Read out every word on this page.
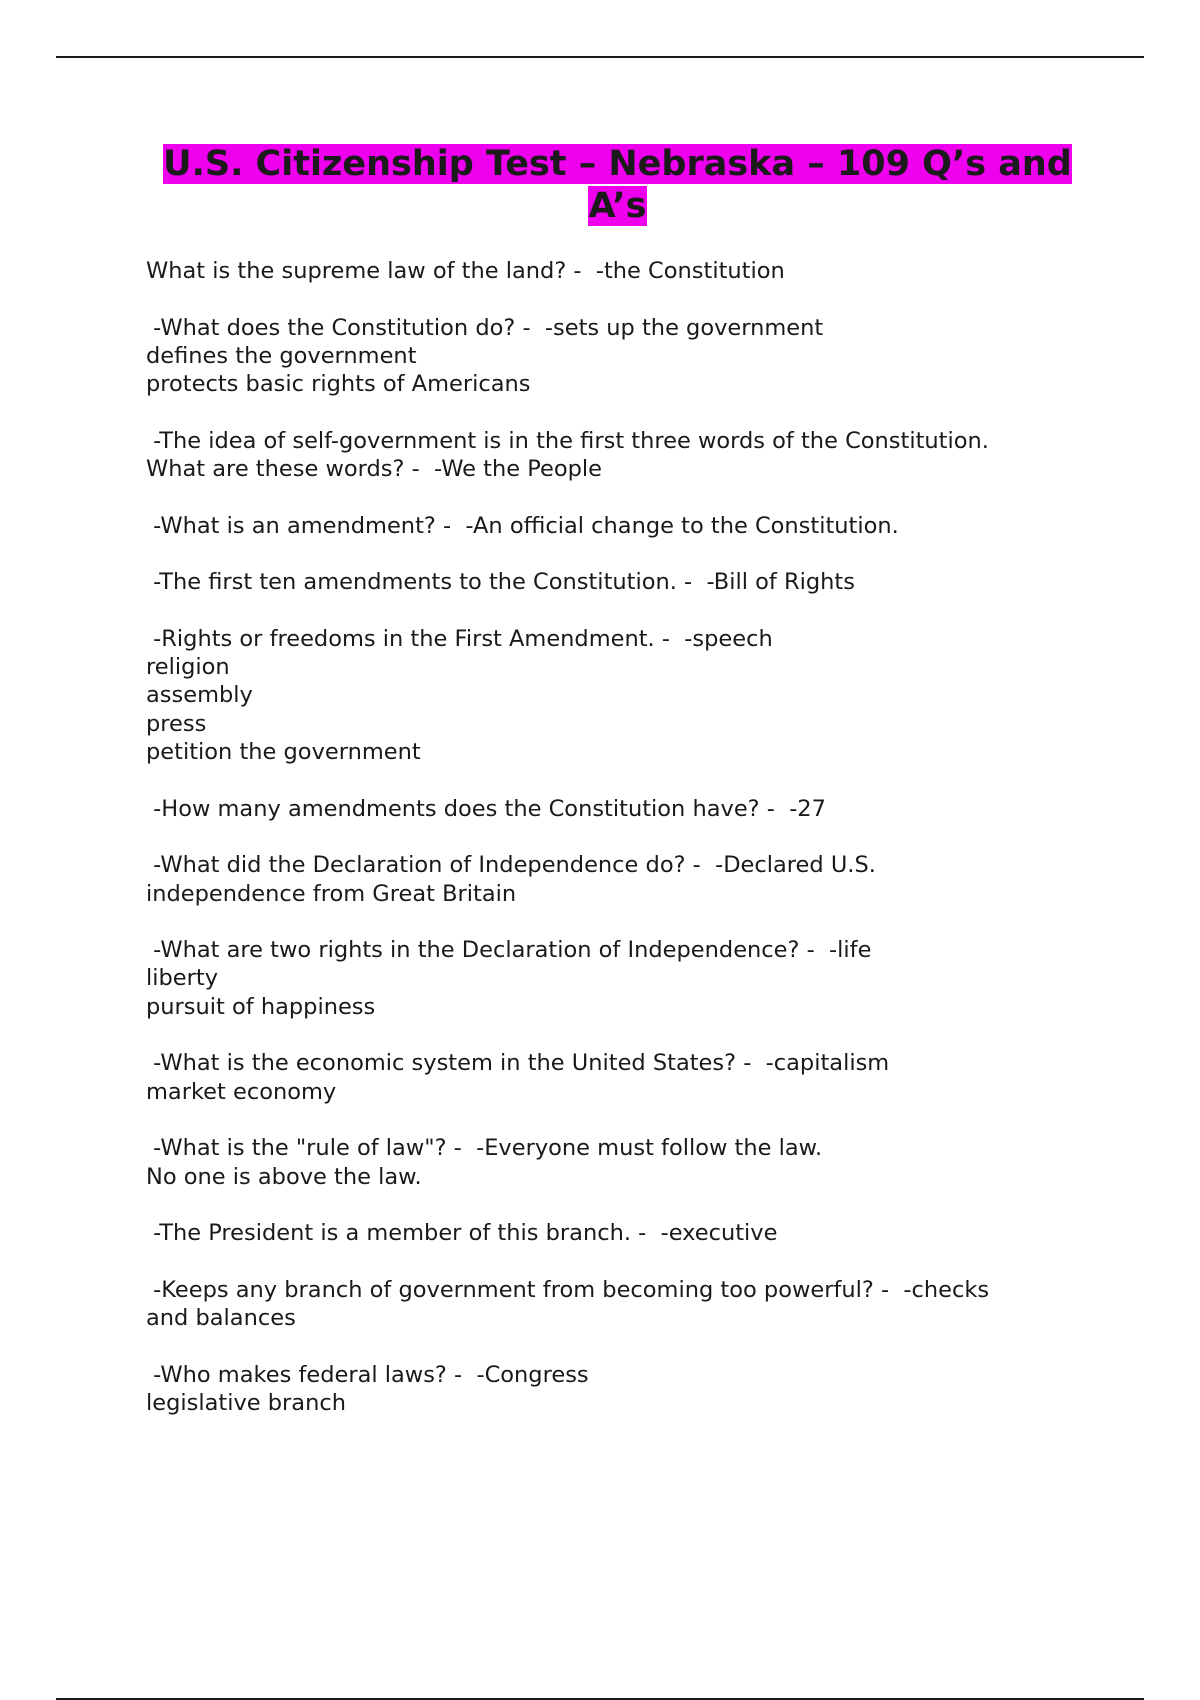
U.S. Citizenship Test – Nebraska – 109 Q’s and A’s
What is the supreme law of the land? -  -the Constitution
-What does the Constitution do? -  -sets up the government
defines the government
protects basic rights of Americans
-The idea of self-government is in the first three words of the Constitution.
What are these words? -  -We the People
-What is an amendment? -  -An official change to the Constitution.
-The first ten amendments to the Constitution. -  -Bill of Rights
-Rights or freedoms in the First Amendment. -  -speech
religion
assembly
press
petition the government
-How many amendments does the Constitution have? -  -27
-What did the Declaration of Independence do? -  -Declared U.S.
independence from Great Britain
-What are two rights in the Declaration of Independence? -  -life
liberty
pursuit of happiness
-What is the economic system in the United States? -  -capitalism
market economy
-What is the "rule of law"? -  -Everyone must follow the law.
No one is above the law.
-The President is a member of this branch. -  -executive
-Keeps any branch of government from becoming too powerful? -  -checks
and balances
-Who makes federal laws? -  -Congress
legislative branch
